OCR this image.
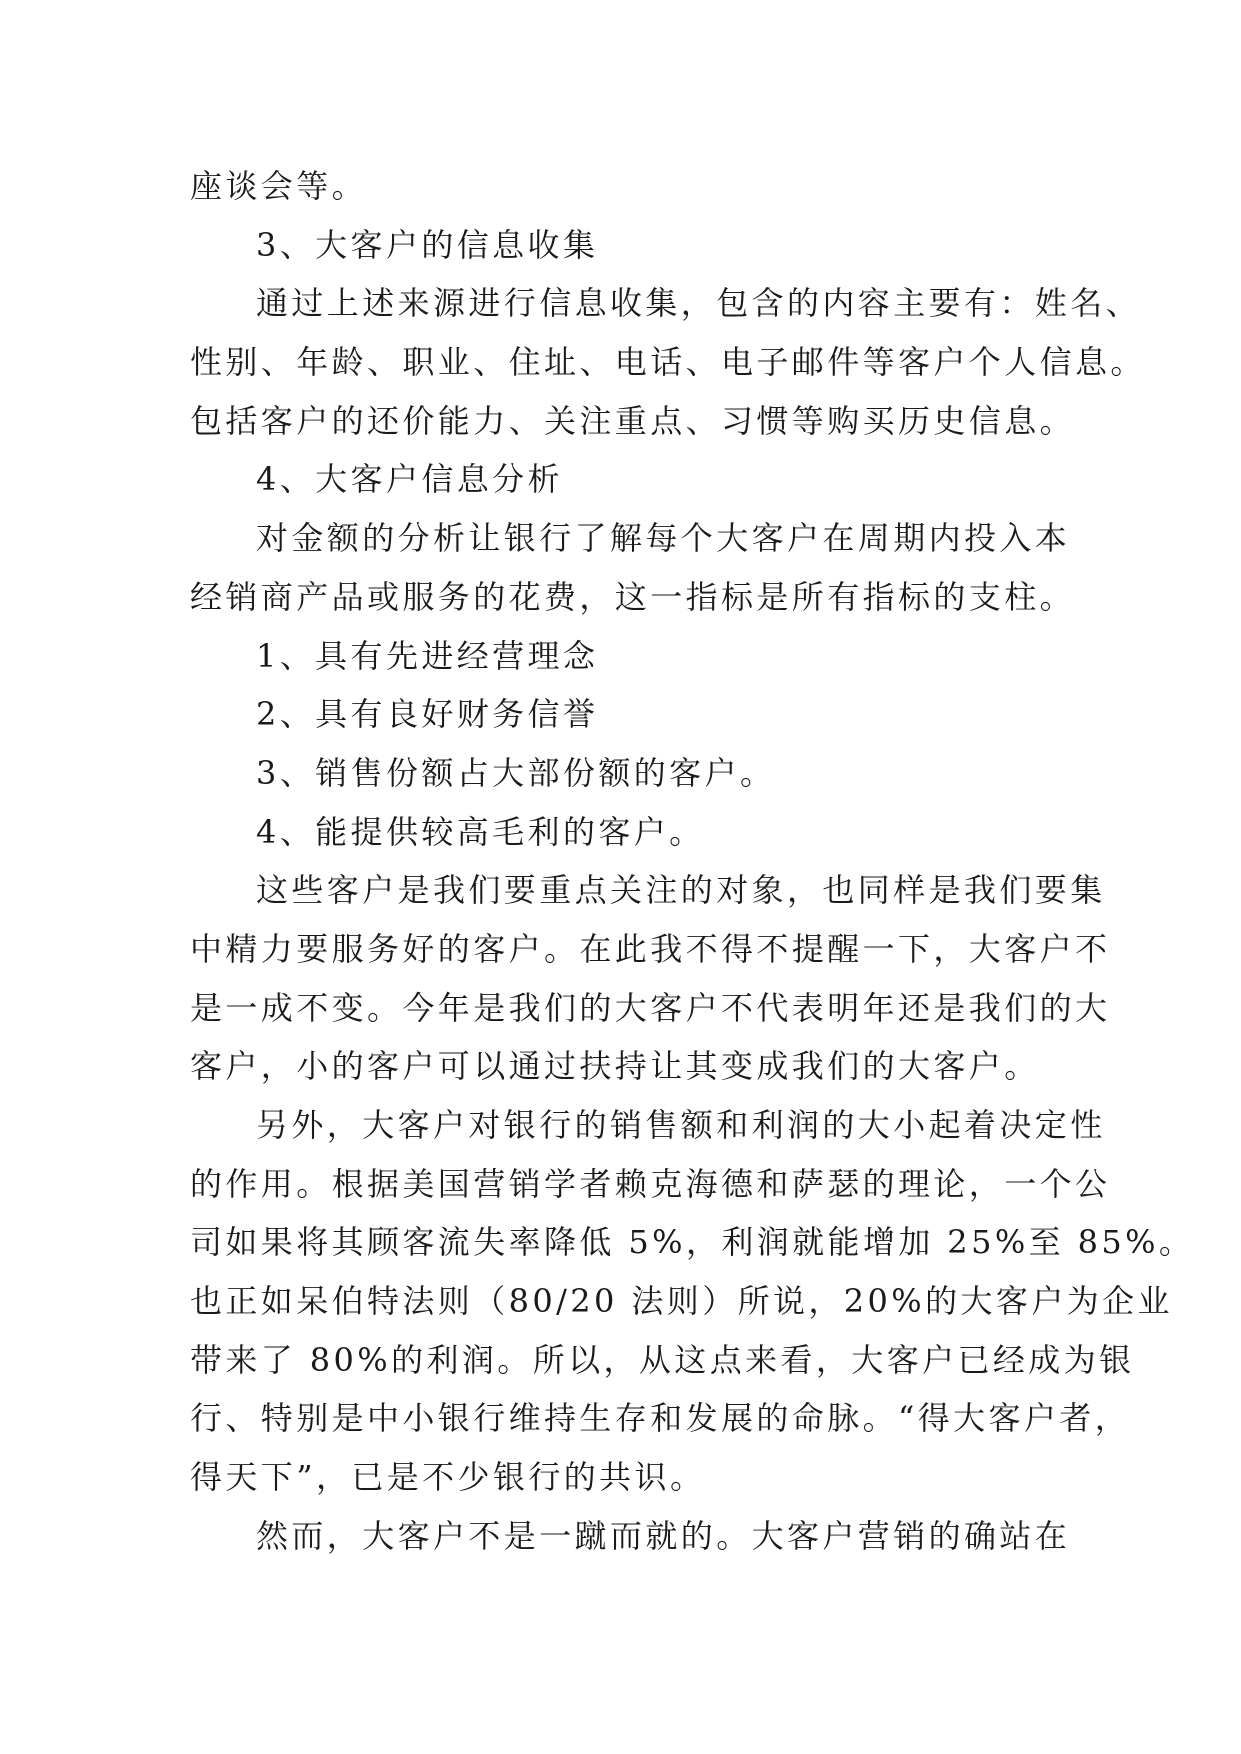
座谈会等。
3、大客户的信息收集
通过上述来源进行信息收集，包含的内容主要有：姓名、
性别、年龄、职业、住址、电话、电子邮件等客户个人信息。
包括客户的还价能力、关注重点、习惯等购买历史信息。
4、大客户信息分析
对金额的分析让银行了解每个大客户在周期内投入本
经销商产品或服务的花费，这一指标是所有指标的支柱。
1、具有先进经营理念
2、具有良好财务信誉
3、销售份额占大部份额的客户。
4、能提供较高毛利的客户。
这些客户是我们要重点关注的对象，也同样是我们要集
中精力要服务好的客户。在此我不得不提醒一下，大客户不
是一成不变。今年是我们的大客户不代表明年还是我们的大
客户，小的客户可以通过扶持让其变成我们的大客户。
另外，大客户对银行的销售额和利润的大小起着决定性
的作用。根据美国营销学者赖克海德和萨瑟的理论，一个公
司如果将其顾客流失率降低 5%，利润就能增加 25%至 85%。
也正如呆伯特法则（80/20 法则）所说，20%的大客户为企业
带来了 80%的利润。所以，从这点来看，大客户已经成为银
行、特别是中小银行维持生存和发展的命脉。“得大客户者，
得天下”，已是不少银行的共识。
然而，大客户不是一蹴而就的。大客户营销的确站在
